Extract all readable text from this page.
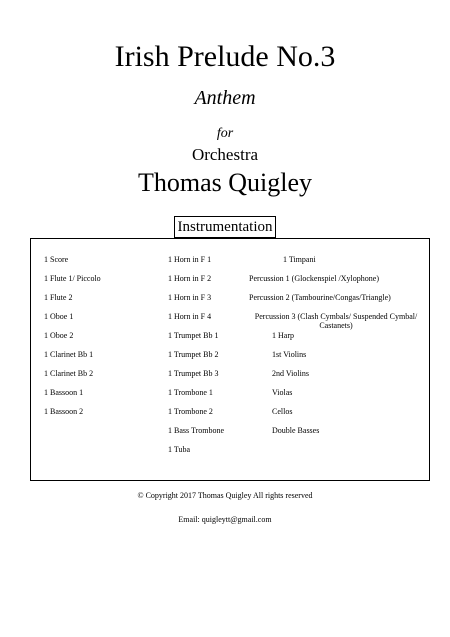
Irish Prelude No.3
Anthem
for
Orchestra
Thomas Quigley
Instrumentation
1 Score
1 Flute 1/ Piccolo
1 Flute 2
1 Oboe 1
1 Oboe 2
1 Clarinet Bb 1
1 Clarinet Bb 2
1 Bassoon 1
1 Bassoon 2
1 Horn in F 1
1 Horn in F 2
1 Horn in F 3
1 Horn in F 4
1 Trumpet Bb 1
1 Trumpet Bb 2
1 Trumpet Bb 3
1 Trombone 1
1 Trombone 2
1 Bass Trombone
1 Tuba
1 Timpani
Percussion 1 (Glockenspiel /Xylophone)
Percussion 2 (Tambourine/Congas/Triangle)
Percussion 3 (Clash Cymbals/ Suspended Cymbal/ Castanets)
1 Harp
1st Violins
2nd Violins
Violas
Cellos
Double Basses
© Copyright 2017 Thomas Quigley All rights reserved
Email: quigleytt@gmail.com
